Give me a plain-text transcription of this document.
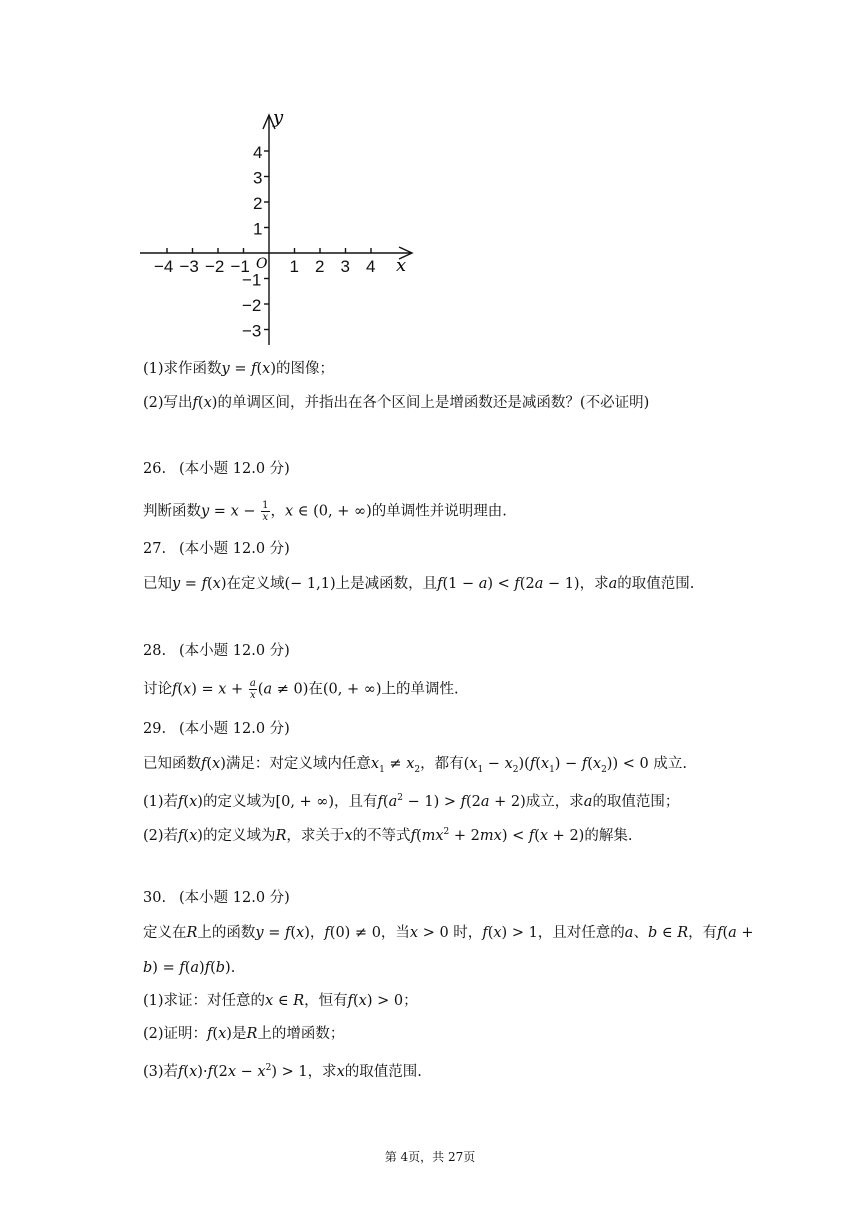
−4 −3 −2 −1 1 2 3 4
4
3
2
1
−1
−2
−3
y
x
O
(1)求作函数y = f(x)的图像；
(2)写出f(x)的单调区间，并指出在各个区间上是增函数还是减函数？(不必证明)
26. (本小题 12.0 分)
判断函数$y = x - \frac{1}{x}$ ，x ∈ (0, + ∞)的单调性并说明理由.
27. (本小题 12.0 分)
已知y = f(x)在定义域(− 1,1)上是减函数，且f(1 − a) < f(2a − 1)，求a的取值范围.
28. (本小题 12.0 分)
讨论$f(x) = x + \frac{a}{x} (a \ne 0)$在(0, + ∞)上的单调性.
29. (本小题 12.0 分)
已知函数f(x)满足：对定义域内任意$x_1 \ne x_2$，都有$(x_1 - x_2)(f(x_1) - f(x_2)) < 0$ 成立.
(1)若f(x)的定义域为[0, + ∞)，且有$f(a^2 - 1) > f(2a + 2)$成立，求a的取值范围；
(2)若f(x)的定义域为R，求关于x的不等式$f(mx^2 + 2mx) < f(x + 2)$的解集.
30. (本小题 12.0 分)
定义在R上的函数y = f(x)，f(0) ≠ 0，当x > 0 时，f(x) > 1，且对任意的a、b ∈ R，有f(a +
b) = f(a)f(b).
(1)求证：对任意的x ∈ R，恒有f(x) > 0；
(2)证明：f(x)是R上的增函数；
(3)若$f(x)\cdot f(2x - x^2) > 1$，求x的取值范围.
第 4页，共 27页
